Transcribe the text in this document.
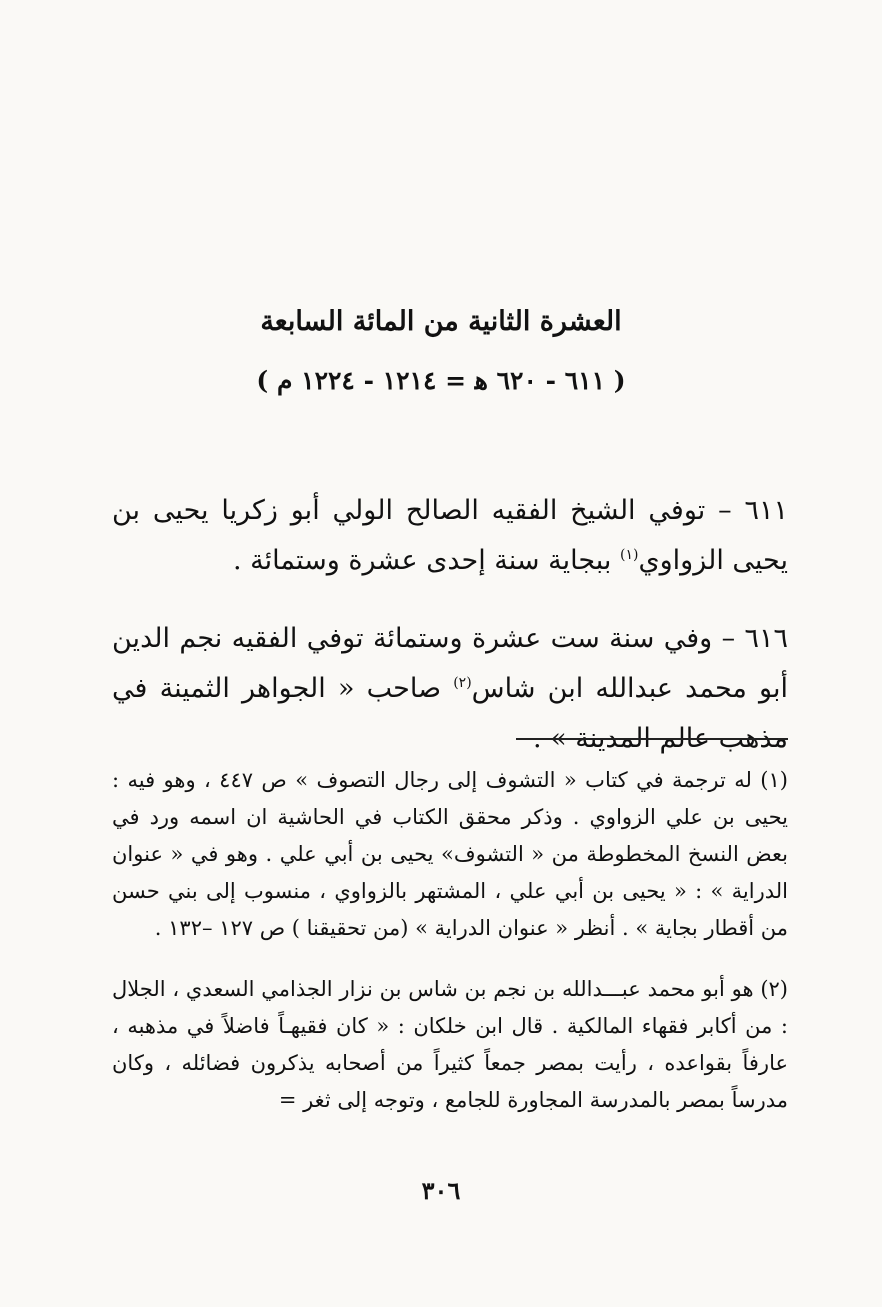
العشرة الثانية من المائة السابعة
( ٦١١ - ٦٢٠ ﻫ = ١٢١٤ - ١٢٢٤ م )

٦١١ – توفي الشيخ الفقيه الصالح الولي أبو زكريا يحيى بن يحيى الزواوي$^{(١)}$ ببجاية سنة إحدى عشرة وستمائة .

٦١٦ – وفي سنة ست عشرة وستمائة توفي الفقيه نجم الدين أبو محمد عبدالله ابن شاس$^{(٢)}$ صاحب « الجواهر الثمينة في مذهب عالم المدينة » .

(١) له ترجمة في كتاب « التشوف إلى رجال التصوف » ص ٤٤٧ ، وهو فيه : يحيى بن علي الزواوي . وذكر محقق الكتاب في الحاشية ان اسمه ورد في بعض النسخ المخطوطة من « التشوف» يحيى بن أبي علي . وهو في « عنوان الدراية » : « يحيى بن أبي علي ، المشتهر بالزواوي ، منسوب إلى بني حسن من أقطار بجاية » . أنظر « عنوان الدراية » (من تحقيقنا ) ص ١٢٧ –١٣٢ .

(٢) هو أبو محمد عبـــدالله بن نجم بن شاس بن نزار الجذامي السعدي ، الجلال : من أكابر فقهاء المالكية . قال ابن خلكان : « كان فقيهـاً فاضلاً في مذهبه ، عارفاً بقواعده ، رأيت بمصر جمعاً كثيراً من أصحابه يذكرون فضائله ، وكان مدرساً بمصر بالمدرسة المجاورة للجامع ، وتوجه إلى ثغر =

٣٠٦
